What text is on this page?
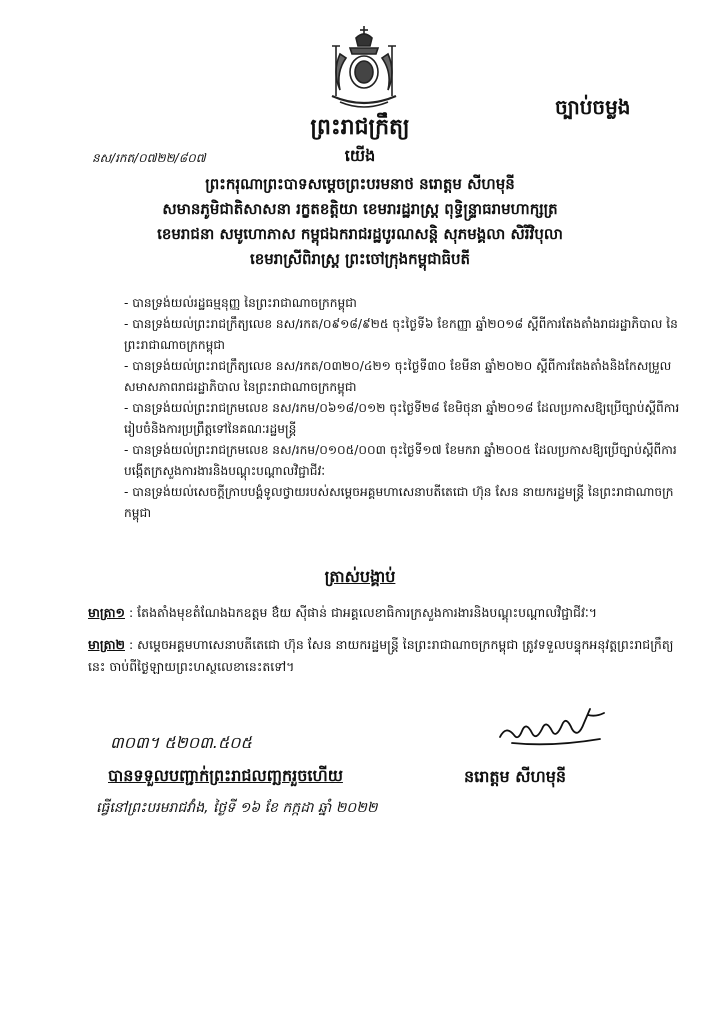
ព្រះរាជក្រឹត្យ
ច្បាប់ចម្លង
នស/រកត/០៧២២/៨០៧	យើង
ព្រះករុណាព្រះបាទសម្តេចព្រះបរមនាថ នរោត្តម សីហមុនី
សមានភូមិជាតិសាសនា រក្ខតខត្តិយា ខេមរារដ្ឋរាស្ត្រ ពុទ្ធិន្ទ្រាធរាមហាក្សត្រ
ខេមរាជនា សមូហោភាស កម្ពុជឯករាជរដ្ឋបូរណសន្តិ សុភមង្គលា សិរីវិបុលា
ខេមរាស្រីពិរាស្ត្រ ព្រះចៅក្រុងកម្ពុជាធិបតី
- បានទ្រង់យល់រដ្ឋធម្មនុញ្ញ នៃព្រះរាជាណាចក្រកម្ពុជា
- បានទ្រង់យល់ព្រះរាជក្រឹត្យលេខ នស/រកត/០៩១៨/៩២៥ ចុះថ្ងៃទី៦ ខែកញ្ញា ឆ្នាំ២០១៨ ស្តីពីការតែងតាំងរាជរដ្ឋាភិបាល នៃព្រះរាជាណាចក្រកម្ពុជា
- បានទ្រង់យល់ព្រះរាជក្រឹត្យលេខ នស/រកត/០៣២០/៤២១ ចុះថ្ងៃទី៣០ ខែមីនា ឆ្នាំ២០២០ ស្តីពីការតែងតាំងនិងកែសម្រួលសមាសភាពរាជរដ្ឋាភិបាល នៃព្រះរាជាណាចក្រកម្ពុជា
- បានទ្រង់យល់ព្រះរាជក្រមលេខ នស/រកម/០៦១៨/០១២ ចុះថ្ងៃទី២៨ ខែមិថុនា ឆ្នាំ២០១៨ ដែលប្រកាសឱ្យប្រើច្បាប់ស្តីពីការរៀបចំនិងការប្រព្រឹត្តទៅនៃគណៈរដ្ឋមន្ត្រី
- បានទ្រង់យល់ព្រះរាជក្រមលេខ នស/រកម/០១០៥/០០៣ ចុះថ្ងៃទី១៧ ខែមករា ឆ្នាំ២០០៥ ដែលប្រកាសឱ្យប្រើច្បាប់ស្តីពីការបង្កើតក្រសួងការងារនិងបណ្តុះបណ្តាលវិជ្ជាជីវៈ
- បានទ្រង់យល់សេចក្តីក្រាបបង្គំទូលថ្វាយរបស់សម្តេចអគ្គមហាសេនាបតីតេជោ ហ៊ុន សែន នាយករដ្ឋមន្ត្រី នៃព្រះរាជាណាចក្រកម្ពុជា
ត្រាស់បង្គាប់
មាត្រា១ : តែងតាំងមុខតំណែងឯកឧត្តម ឳយ ស៊ីផាន់ ជាអគ្គលេខាធិការក្រសួងការងារនិងបណ្តុះបណ្តាលវិជ្ជាជីវៈ។
មាត្រា២ : សម្តេចអគ្គមហាសេនាបតីតេជោ ហ៊ុន សែន នាយករដ្ឋមន្ត្រី នៃព្រះរាជាណាចក្រកម្ពុជា ត្រូវទទួលបន្ទុកអនុវត្តព្រះរាជក្រឹត្យនេះ ចាប់ពីថ្ងៃឡាយព្រះហស្ថលេខានេះតទៅ។
៣០៣។ ៥២០៣.៥០៥
បានទទួលបញ្ជាក់ព្រះរាជលញ្ឆករួចហើយ
ធ្វើនៅព្រះបរមរាជវាំង, ថ្ងៃទី ១៦ ខែ កក្កដា ឆ្នាំ ២០២២
នរោត្តម សីហមុនី
